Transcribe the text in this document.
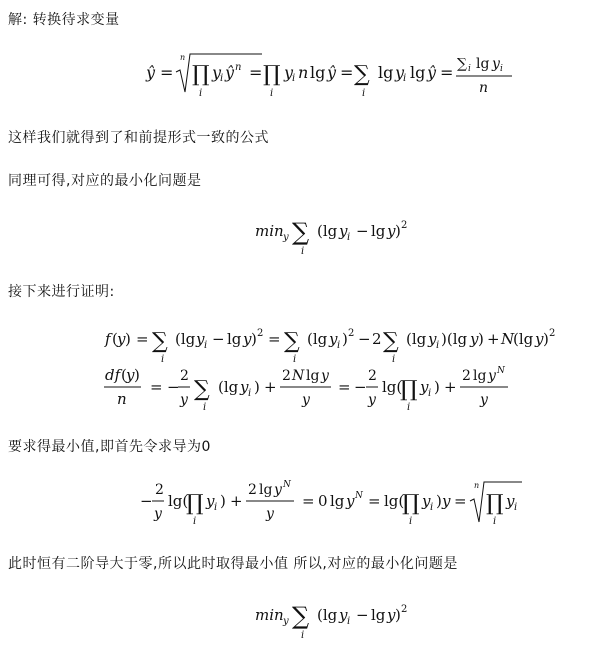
解: 转换待求变量
ŷ =
n
∏
i
y
i ŷ n = ∏
i
y
i n lg ŷ = ∑
i
lg y
i lg ŷ = ∑ i lg y i
n
这样我们就得到了和前提形式一致的公式
同理可得,对应的最小化问题是
min y ∑
i
(lg y i − lg y ) 2
接下来进行证明:
f ( y ) = ∑
i
(lg y i − lg y ) 2 = ∑
i
(lg y i ) 2 − 2 ∑
i
(lg y i )(lg y ) + N
(lg y ) 2
df ( y )
n
= −
2
y ∑
i
(lg y i ) +
2 N lg y
y
= −
2
y
lg(
∏
i
y i ) +
2 lg y N
y
要求得最小值,即首先令求导为0
−
2
y
lg(
∏
i
y i ) +
2 lg y N
y
= 0 lg y N = lg(
∏
i
y i ) y =
n
∏
i
y i
此时恒有二阶导大于零,所以此时取得最小值 所以,对应的最小化问题是
min y ∑
i
(lg y i − lg y ) 2
